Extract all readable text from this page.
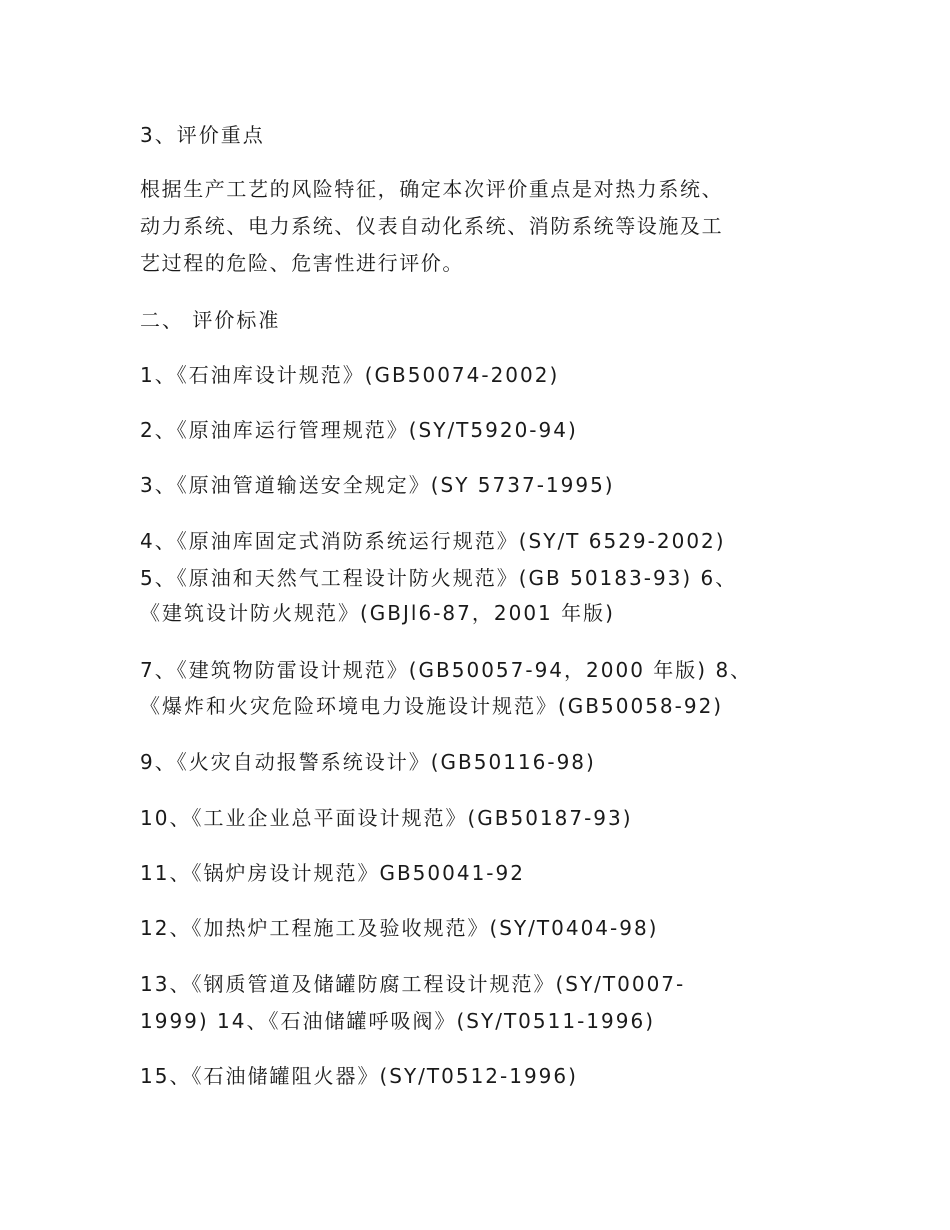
3、评价重点
根据生产工艺的风险特征，确定本次评价重点是对热力系统、
动力系统、电力系统、仪表自动化系统、消防系统等设施及工
艺过程的危险、危害性进行评价。
二、 评价标准
1、《石油库设计规范》(GB50074-2002)
2、《原油库运行管理规范》(SY/T5920-94)
3、《原油管道输送安全规定》(SY 5737-1995)
4、《原油库固定式消防系统运行规范》(SY/T 6529-2002)
5、《原油和天然气工程设计防火规范》(GB 50183-93) 6、
《建筑设计防火规范》(GBJl6-87，2001 年版)
7、《建筑物防雷设计规范》(GB50057-94，2000 年版) 8、
《爆炸和火灾危险环境电力设施设计规范》(GB50058-92)
9、《火灾自动报警系统设计》(GB50116-98)
10、《工业企业总平面设计规范》(GB50187-93)
11、《锅炉房设计规范》GB50041-92
12、《加热炉工程施工及验收规范》(SY/T0404-98)
13、《钢质管道及储罐防腐工程设计规范》(SY/T0007-
1999) 14、《石油储罐呼吸阀》(SY/T0511-1996)
15、《石油储罐阻火器》(SY/T0512-1996)
